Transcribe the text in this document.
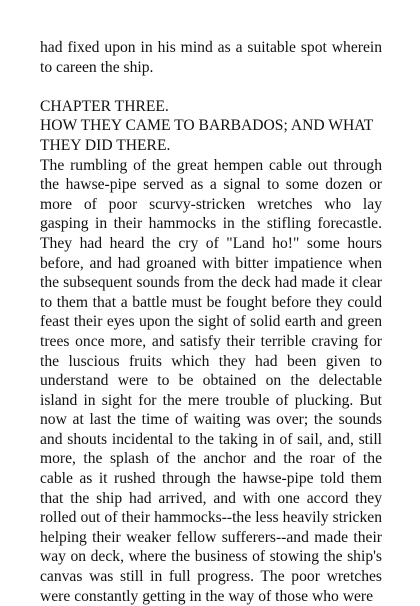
had fixed upon in his mind as a suitable spot wherein to careen the ship.

CHAPTER THREE.

HOW THEY CAME TO BARBADOS; AND WHAT THEY DID THERE.

The rumbling of the great hempen cable out through the hawse-pipe served as a signal to some dozen or more of poor scurvy-stricken wretches who lay gasping in their hammocks in the stifling forecastle. They had heard the cry of "Land ho!" some hours before, and had groaned with bitter impatience when the subsequent sounds from the deck had made it clear to them that a battle must be fought before they could feast their eyes upon the sight of solid earth and green trees once more, and satisfy their terrible craving for the luscious fruits which they had been given to understand were to be obtained on the delectable island in sight for the mere trouble of plucking. But now at last the time of waiting was over; the sounds and shouts incidental to the taking in of sail, and, still more, the splash of the anchor and the roar of the cable as it rushed through the hawse-pipe told them that the ship had arrived, and with one accord they rolled out of their hammocks--the less heavily stricken helping their weaker fellow sufferers--and made their way on deck, where the business of stowing the ship's canvas was still in full progress. The poor wretches were constantly getting in the way of those who were
